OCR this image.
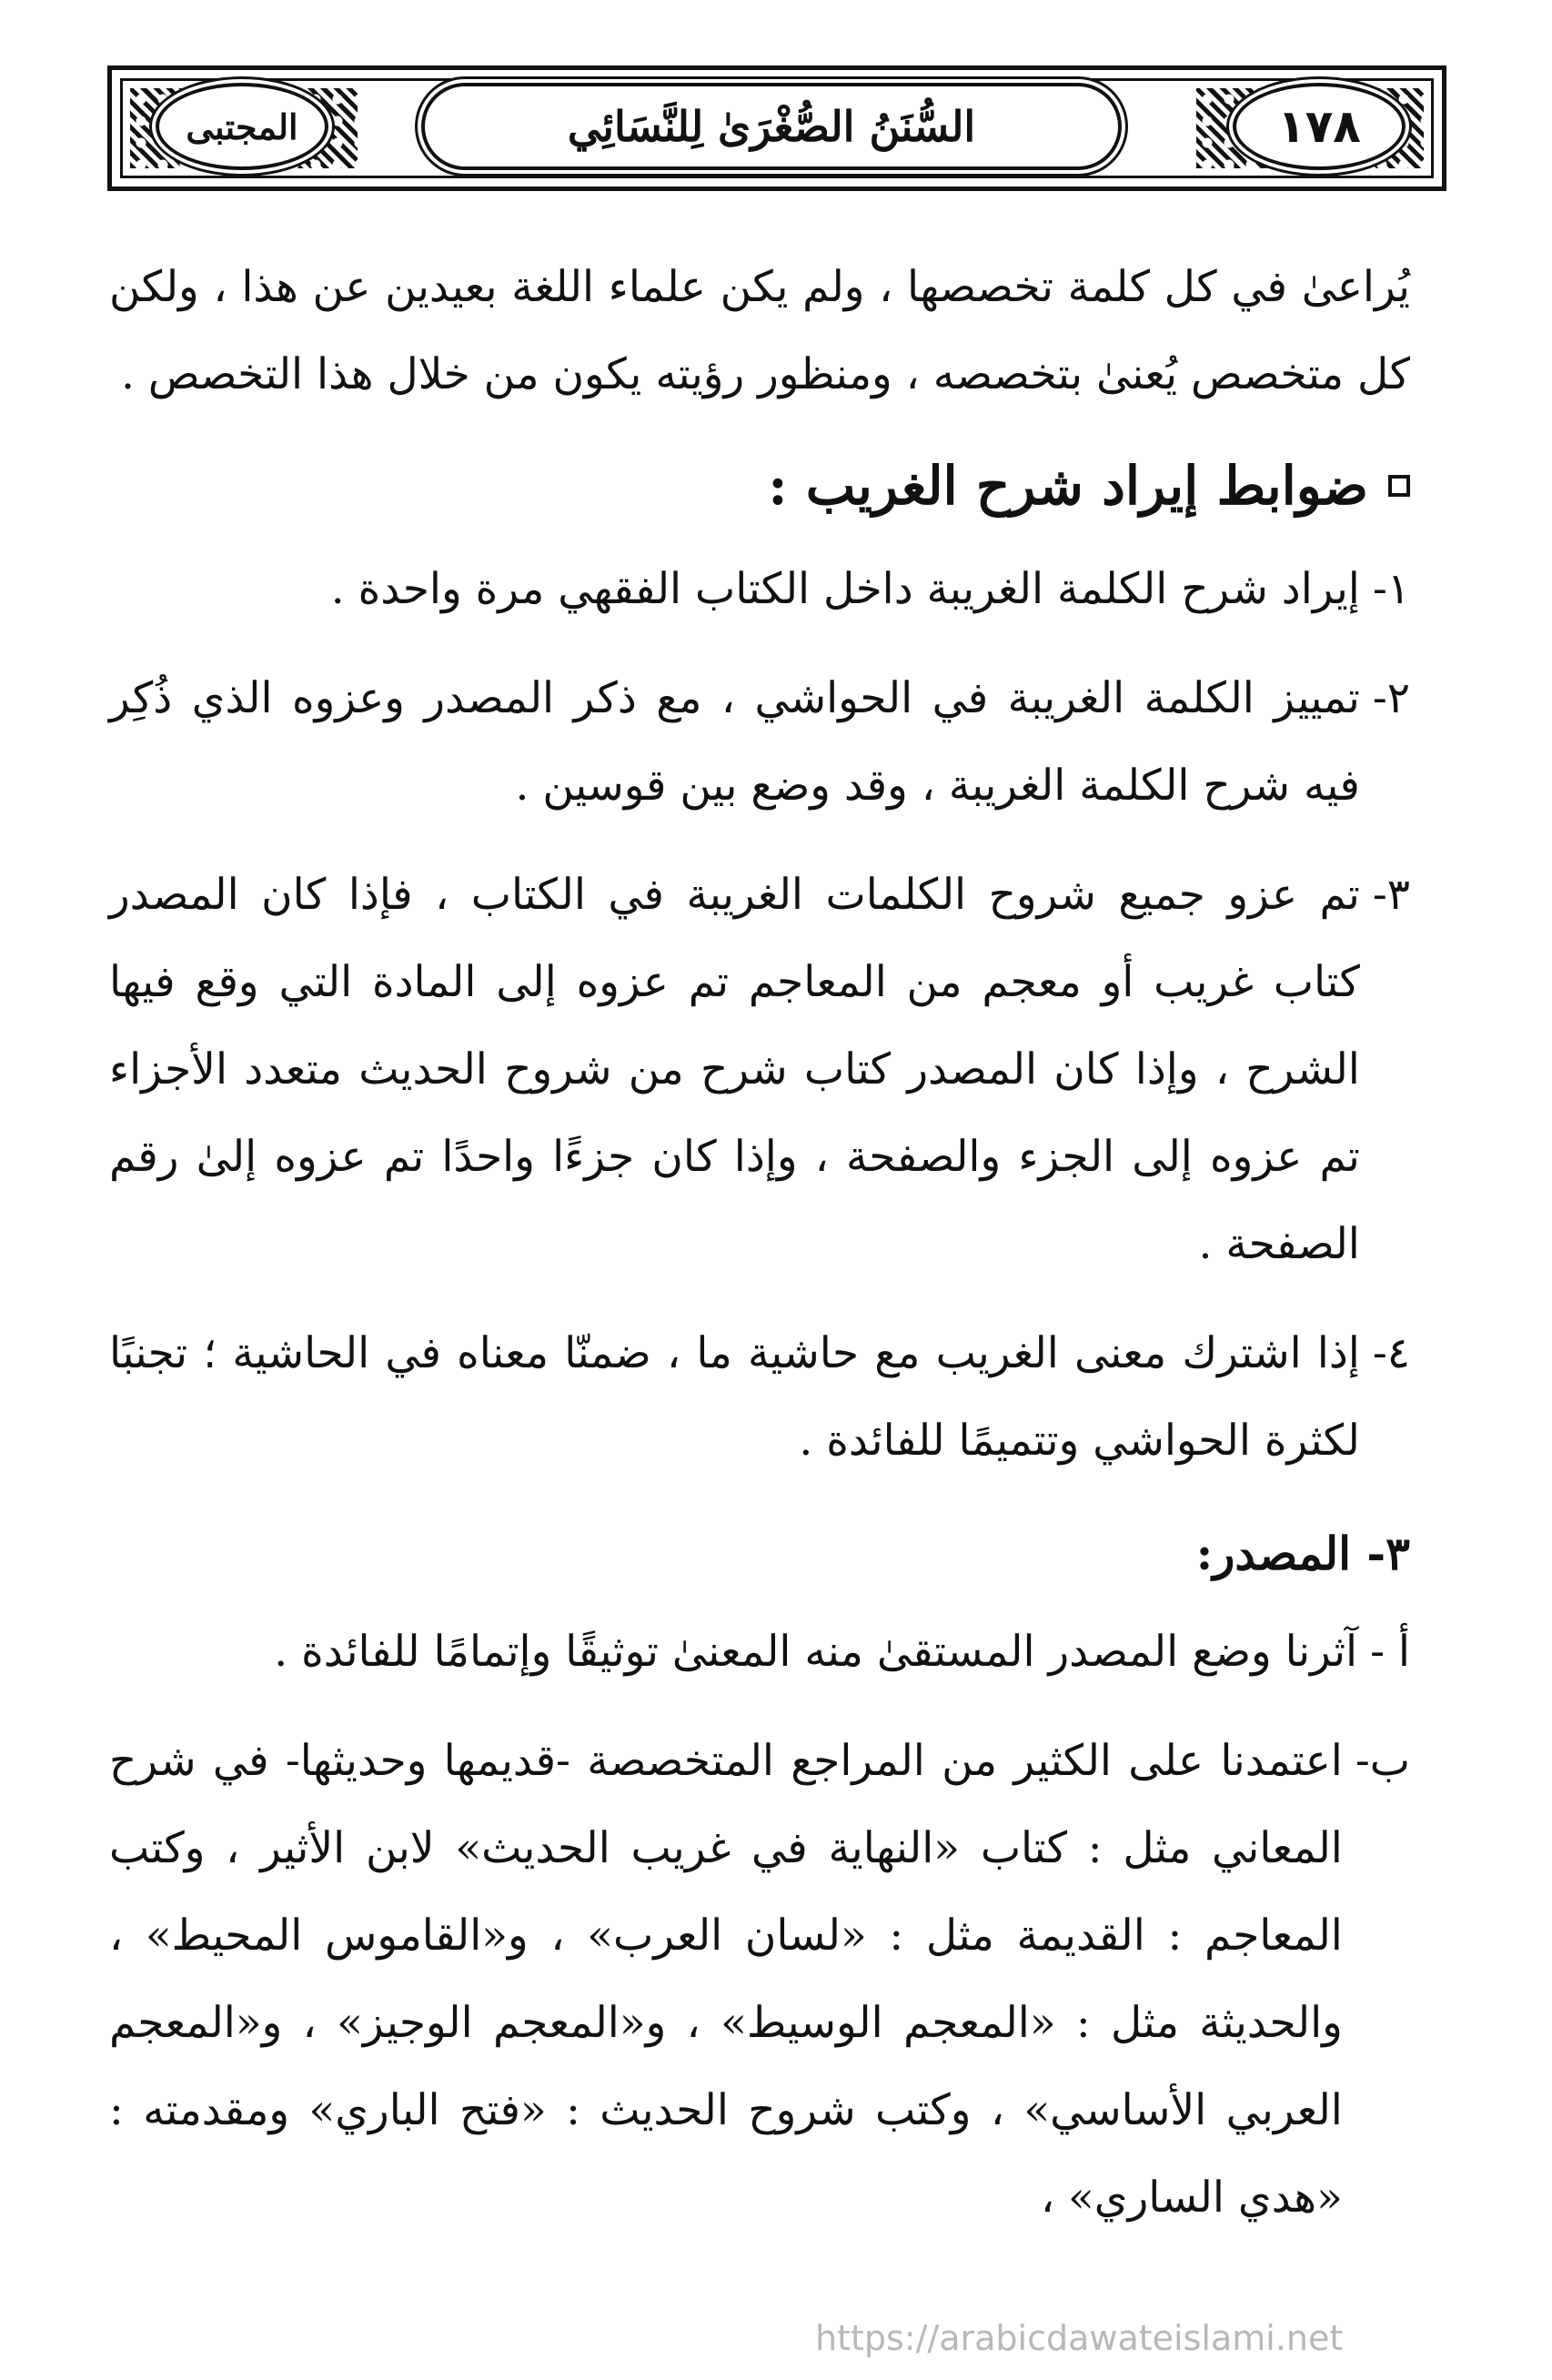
المجتبى	السُّنَنُ الصُّغْرَىٰ لِلنَّسَائِي	١٧٨

يُراعىٰ في كل كلمة تخصصها ، ولم يكن علماء اللغة بعيدين عن هذا ، ولكن كل متخصص يُعنىٰ بتخصصه ، ومنظور رؤيته يكون من خلال هذا التخصص .

ضوابط إيراد شرح الغريب :
١-
إيراد شرح الكلمة الغريبة داخل الكتاب الفقهي مرة واحدة .
٢-
تمييز الكلمة الغريبة في الحواشي ، مع ذكر المصدر وعزوه الذي ذُكِر فيه شرح الكلمة الغريبة ، وقد وضع بين قوسين .
٣-
تم عزو جميع شروح الكلمات الغريبة في الكتاب ، فإذا كان المصدر كتاب غريب أو معجم من المعاجم تم عزوه إلى المادة التي وقع فيها الشرح ، وإذا كان المصدر كتاب شرح من شروح الحديث متعدد الأجزاء تم عزوه إلى الجزء والصفحة ، وإذا كان جزءًا واحدًا تم عزوه إلىٰ رقم الصفحة .
٤-
إذا اشترك معنى الغريب مع حاشية ما ، ضمنّا معناه في الحاشية ؛ تجنبًا لكثرة الحواشي وتتميمًا للفائدة .
٣- المصدر:
أ -
آثرنا وضع المصدر المستقىٰ منه المعنىٰ توثيقًا وإتمامًا للفائدة .
ب-
اعتمدنا على الكثير من المراجع المتخصصة -قديمها وحديثها- في شرح المعاني مثل : كتاب «النهاية في غريب الحديث» لابن الأثير ، وكتب المعاجم : القديمة مثل : «لسان العرب» ، و«القاموس المحيط» ، والحديثة مثل : «المعجم الوسيط» ، و«المعجم الوجيز» ، و«المعجم العربي الأساسي» ، وكتب شروح الحديث : «فتح الباري» ومقدمته : «هدي الساري» ،
https://arabicdawateislami.net
